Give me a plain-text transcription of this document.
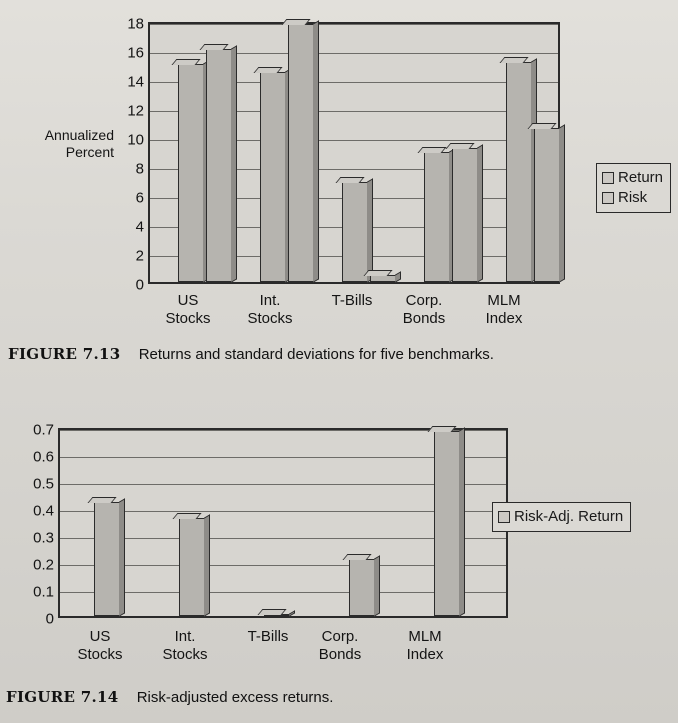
Annualized
Percent
18
16
14
12
10
8
6
4
2
0
US
Stocks
Int.
Stocks
T-Bills	Corp.
Bonds
MLM
Index
Return
Risk
FIGURE 7.13 Returns and standard deviations for five benchmarks.
0.7
0.6
0.5
0.4
0.3
0.2
0.1
0
US
Stocks
Int.
Stocks
T-Bills	Corp.
Bonds
MLM
Index
Risk-Adj. Return
FIGURE 7.14 Risk-adjusted excess returns.
